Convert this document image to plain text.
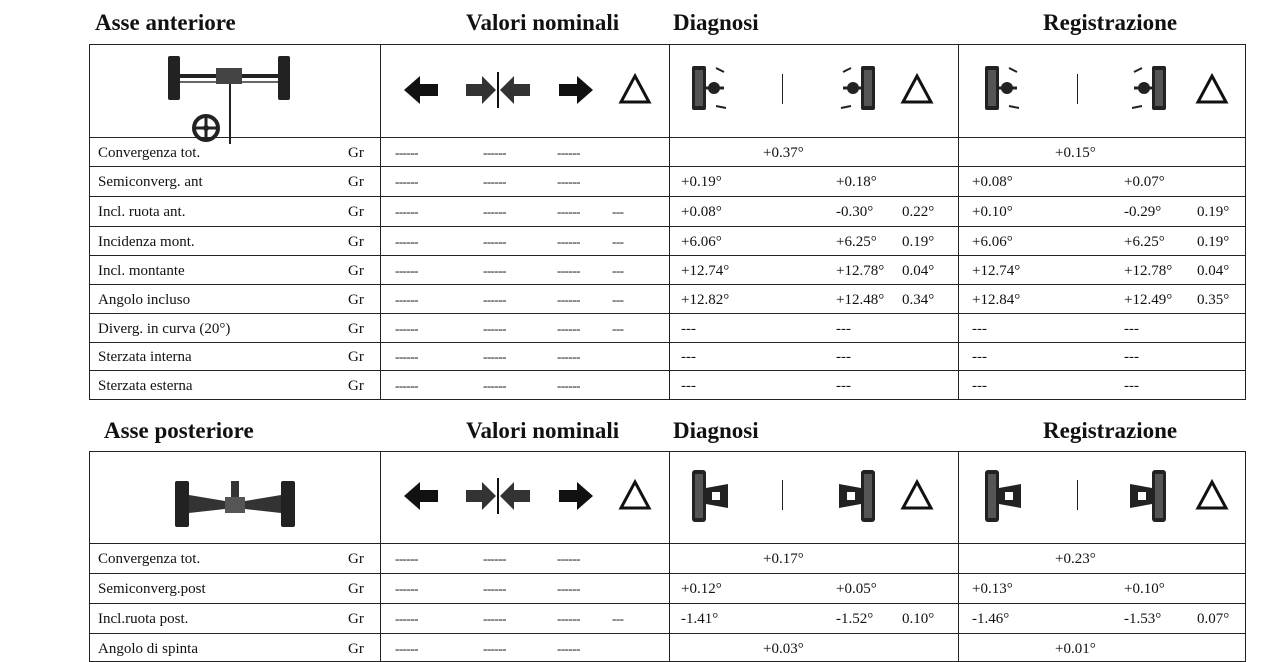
Asse anteriore	Valori nominali Diagnosi	Registrazione
Convergenza tot.	Gr ------	------	------	+0.37°	+0.15°
Semiconverg. ant	Gr ------	------	------	+0.19°	+0.18°	+0.08°	+0.07°
Incl. ruota ant.	Gr ------	------	------ ---	+0.08°	-0.30° 0.22°	+0.10°	-0.29° 0.19°
Incidenza mont.	Gr ------	------	------ ---	+6.06°	+6.25° 0.19°	+6.06°	+6.25° 0.19°
Incl. montante	Gr ------	------	------ ---	+12.74°	+12.78° 0.04°	+12.74°	+12.78° 0.04°
Angolo incluso	Gr ------	------	------ ---	+12.82°	+12.48° 0.34°	+12.84°	+12.49° 0.35°
Diverg. in curva (20°)	Gr ------	------	------ ---	---	---	---	---
Sterzata interna	Gr ------	------	------	---	---	---	---
Sterzata esterna	Gr ------	------	------	---	---	---	---
Asse posteriore	Valori nominali Diagnosi	Registrazione
Convergenza tot.	Gr ------	------	------	+0.17°	+0.23°
Semiconverg.post	Gr ------	------	------	+0.12°	+0.05°	+0.13°	+0.10°
Incl.ruota post.	Gr ------	------	------ ---	-1.41°	-1.52° 0.10°	-1.46°	-1.53° 0.07°
Angolo di spinta	Gr ------	------	------	+0.03°	+0.01°
